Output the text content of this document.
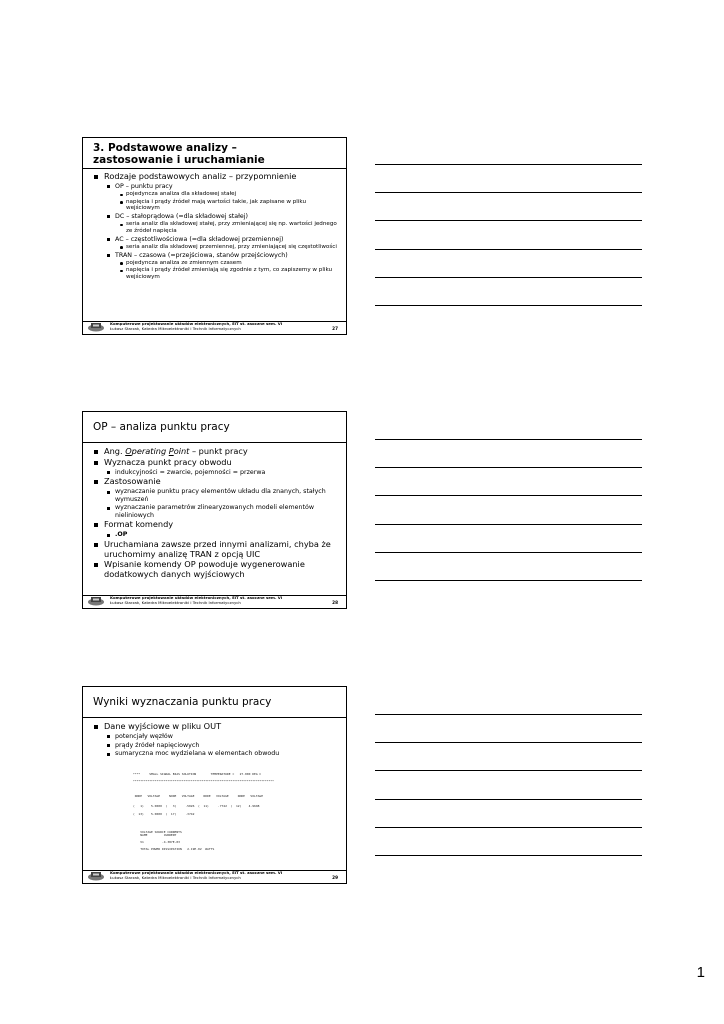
3. Podstawowe analizy –
zastosowanie i uruchamianie
Rodzaje podstawowych analiz – przypomnienie
OP – punktu pracy
pojedyncza analiza dla składowej stałej
napięcia i prądy źródeł mają wartości takie, jak zapisane w pliku wejściowym
DC – stałoprądowa (=dla składowej stałej)
seria analiz dla składowej stałej, przy zmieniającej się np. wartości jednego ze źródeł napięcia
AC – częstotliwościowa (=dla składowej przemiennej)
seria analiz dla składowej przemiennej, przy zmieniającej się częstotliwości
TRAN – czasowa (=przejściowa, stanów przejściowych)
pojedyncza analiza ze zmiennym czasem
napięcia i prądy źródeł zmieniają się zgodnie z tym, co zapiszemy w pliku wejściowym
Komputerowe projektowanie układów elektronicznych, EiT st. zaoczne sem. VI
Łukasz Starzak, Katedra Mikroelektroniki i Technik Informatycznych	27
OP – analiza punktu pracy
Ang. Operating Point – punkt pracy
Wyznacza punkt pracy obwodu
indukcyjności = zwarcie, pojemności = przerwa
Zastosowanie
wyznaczanie punktu pracy elementów układu dla znanych, stałych wymuszeń
wyznaczanie parametrów zlinearyzowanych modeli elementów nieliniowych
Format komendy
.OP
Uruchamiana zawsze przed innymi analizami, chyba że uruchomimy analizę TRAN z opcją UIC
Wpisanie komendy OP powoduje wygenerowanie dodatkowych danych wyjściowych
Komputerowe projektowanie układów elektronicznych, EiT st. zaoczne sem. VI
Łukasz Starzak, Katedra Mikroelektroniki i Technik Informatycznych	28
Wyniki wyznaczania punktu pracy
Dane wyjściowe w pliku OUT
potencjały węzłów
prądy źródeł napięciowych
sumaryczna moc wydzielana w elementach obwodu
****     SMALL SIGNAL BIAS SOLUTION        TEMPERATURE =   27.000 DEG C

******************************************************************************

NODE   VOLTAGE     NODE   VOLTAGE     NODE   VOLTAGE     NODE   VOLTAGE

(   1)    5.0000  (   3)     .5026  (  11)     .7742  (  12)    4.9698

(  13)    5.0000  (  17)     .3742

VOLTAGE SOURCE CURRENTS
NAME         CURRENT

V1          -4.387E-03

TOTAL POWER DISSIPATION   2.19E-02  WATTS
Komputerowe projektowanie układów elektronicznych, EiT st. zaoczne sem. VI
Łukasz Starzak, Katedra Mikroelektroniki i Technik Informatycznych	29
1
